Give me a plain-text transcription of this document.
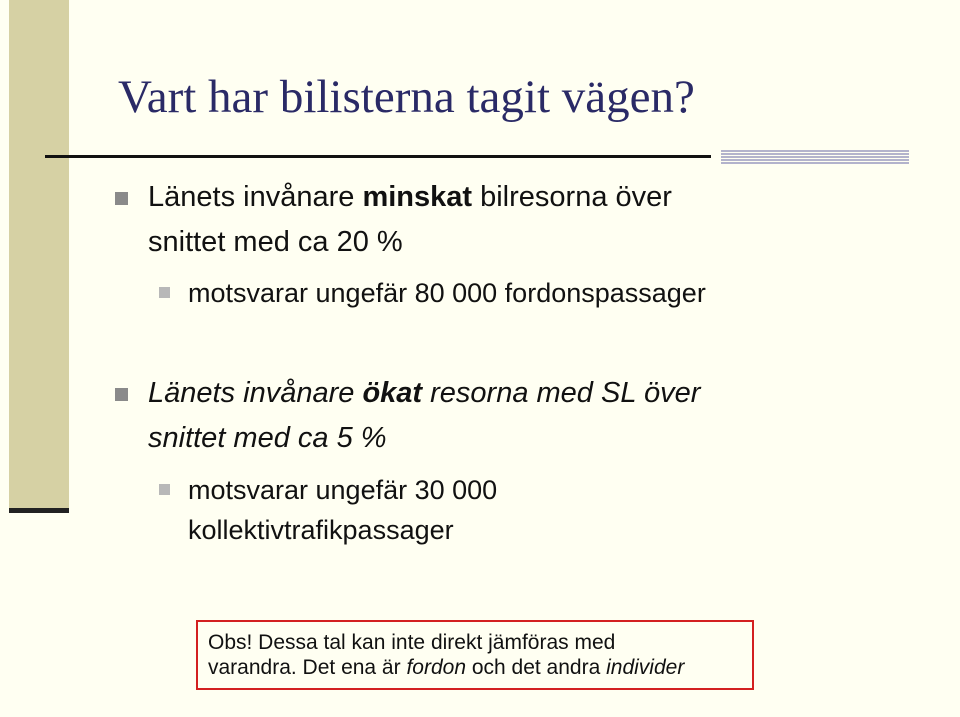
Vart har bilisterna tagit vägen?
Länets invånare minskat bilresorna över
snittet med ca 20 %
motsvarar ungefär 80 000 fordonspassager
Länets invånare ökat resorna med SL över
snittet med ca 5 %
motsvarar ungefär 30 000
kollektivtrafikpassager
Obs! Dessa tal kan inte direkt jämföras med
varandra. Det ena är fordon och det andra individer
